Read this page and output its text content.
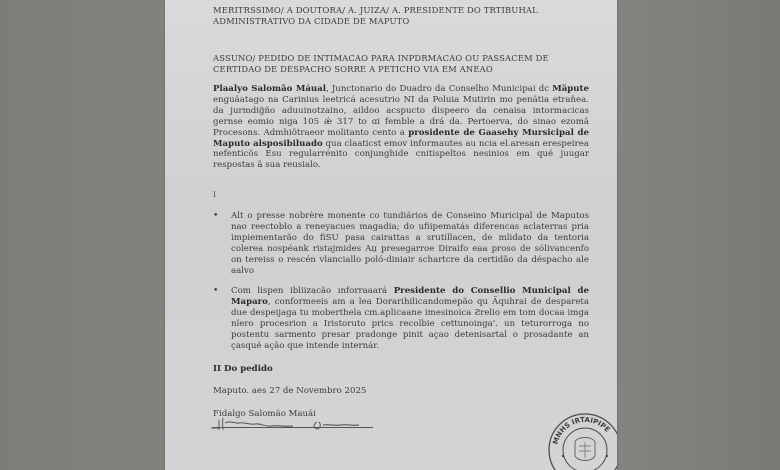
MERITRSSIMO/ A DOUTORA/ A. JUIZA/ A. PRESIDENTE DO TRTIBUHAL
ADMINISTRATIVO DA CIDADE DE MAPUTO
ASSUNO/ PEDIDO DE INTIMACAO PARA INPDRMACAO OU PASSACEM DE
CERTIDAO DE DESPACHO SORRE A PETICHO VIA EM ANEAO

Plaalyo Salomão Máual, Junctonario do Duadro da Conselho Municipai dc Mäpute enguäatago na Carinius leetricá acesutrio NI da Poluia Mutirin mo penätia etraňea. da jurmdiğño aduuinotzaino, aildoo acspucto dispeero da cenaisa intormacicas gernse eomio niga 105 ǽ 317 to ɑi femble a drá da. Pertoerva, do sinao ezomä Procesons. Admhiötraeor molitanto cento a prosidente de Gaasehy Mursicipal de Maputo alsposibiluado qua claaticst emov informautes au ncia el.aresan erespeirea nefenticös Esu regularrénito conjunghide cnitispeltos nesinios em qué juugar respostas ä sua reusialo.

I
• Alt o presse nobrère monente co tundiários de Conseino Muricipal de Maputos nao reectoblo a reneyacues magadia; do ufiipematás diferencas aclaterras pria impiementarão do fiSU pasa cairattas a srutillacen, de mlidato da tentoria colerea nospéank ristajmides Aџ presegarroe Diraifo eaa proso de sólivancenfo on tereiss o rescén vlanciallo poló-diniair schartcre da certidão da déspacho ale aalvo

• Com lispen ibliizacão ınforraaará Presidente do Consellio Municipal de Maparo, conformeeis am a lea Dorarihilicandomeрão qu Äquhrai de despareta due despeijaga tu moberthela cm.aplicaane imesinoica Ƨrelio em tom docaa imga nïero procesrion a Iristoruto prics recolbie cettunoinga'. un teturorroga no postentu sarmento presar pradonge pinit açao detenisartal o prosadante an çasqué ação que intende internár.

II Do pedido
Maputo. aes 27 de Novembro 2025
Fidalgo Salomão Mauái
MNHS IRTAIPIPE
